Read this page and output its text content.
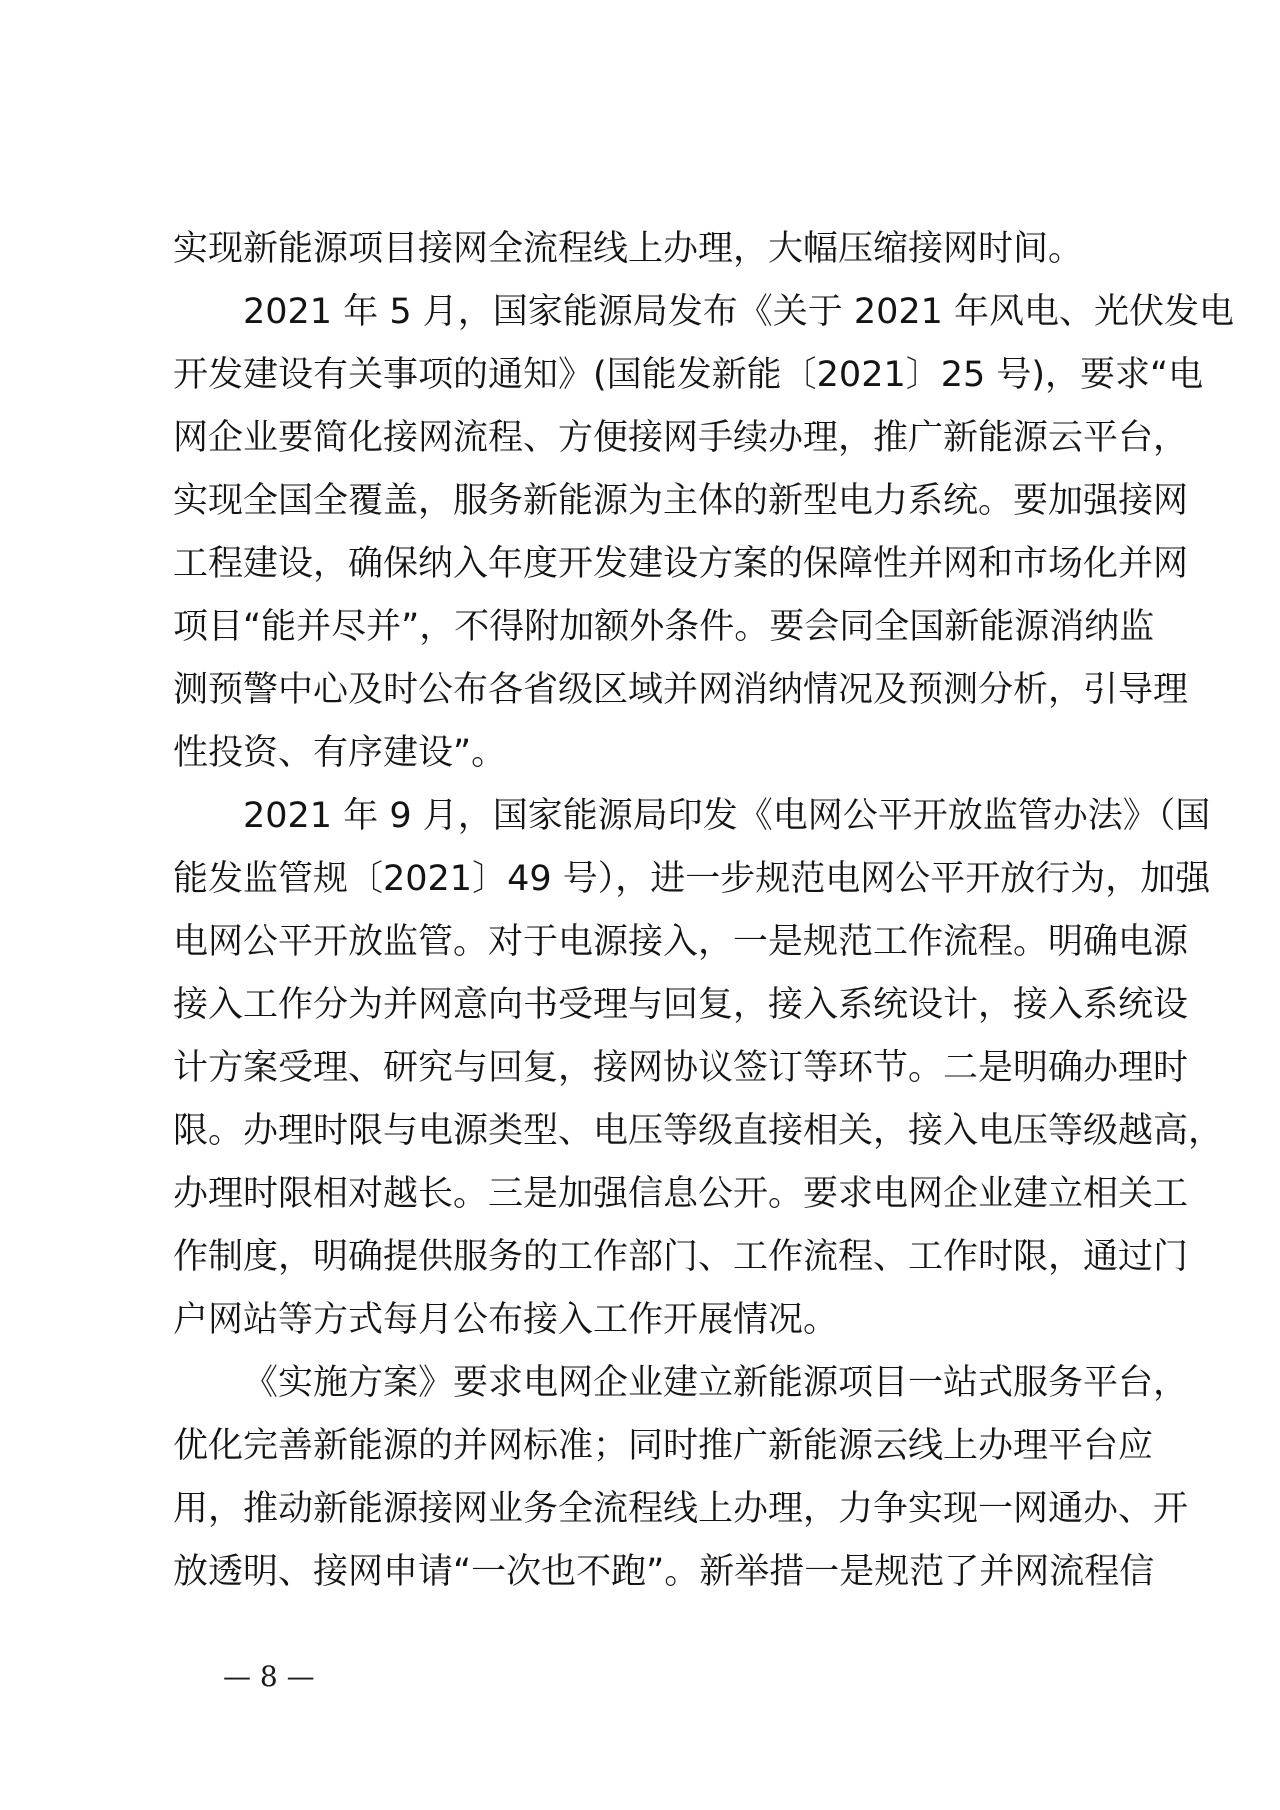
实现新能源项目接网全流程线上办理，大幅压缩接网时间。
2021 年 5 月，国家能源局发布《关于 2021 年风电、光伏发电
开发建设有关事项的通知》(国能发新能〔2021〕25 号)，要求“电
网企业要简化接网流程、方便接网手续办理，推广新能源云平台，
实现全国全覆盖，服务新能源为主体的新型电力系统。要加强接网
工程建设，确保纳入年度开发建设方案的保障性并网和市场化并网
项目“能并尽并”，不得附加额外条件。要会同全国新能源消纳监
测预警中心及时公布各省级区域并网消纳情况及预测分析，引导理
性投资、有序建设”。
2021 年 9 月，国家能源局印发《电网公平开放监管办法》（国
能发监管规〔2021〕49 号），进一步规范电网公平开放行为，加强
电网公平开放监管。对于电源接入，一是规范工作流程。明确电源
接入工作分为并网意向书受理与回复，接入系统设计，接入系统设
计方案受理、研究与回复，接网协议签订等环节。二是明确办理时
限。办理时限与电源类型、电压等级直接相关，接入电压等级越高，
办理时限相对越长。三是加强信息公开。要求电网企业建立相关工
作制度，明确提供服务的工作部门、工作流程、工作时限，通过门
户网站等方式每月公布接入工作开展情况。
《实施方案》要求电网企业建立新能源项目一站式服务平台，
优化完善新能源的并网标准；同时推广新能源云线上办理平台应
用，推动新能源接网业务全流程线上办理，力争实现一网通办、开
放透明、接网申请“一次也不跑”。新举措一是规范了并网流程信
— 8 —
